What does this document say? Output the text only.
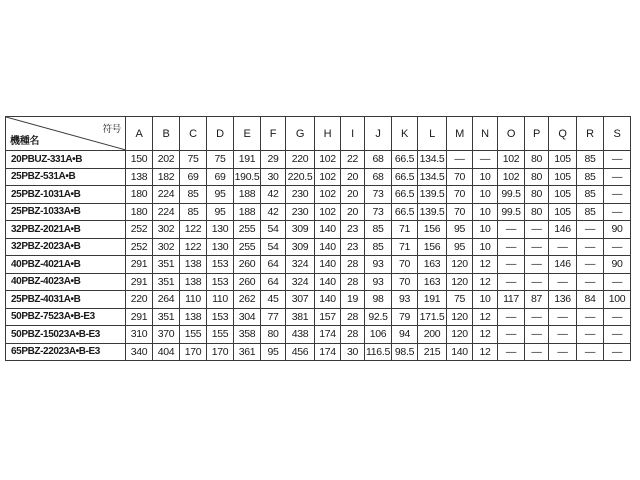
符号
機種名	A	B	C	D	E	F	G	H	I	J	K	L	M	N	O	P	Q	R	S
20PBUZ-331A•B	150	202	75	75	191	29	220	102	22	68	66.5	134.5	—	—	102	80	105	85	—
25PBZ-531A•B	138	182	69	69	190.5	30	220.5	102	20	68	66.5	134.5	70	10	102	80	105	85	—
25PBZ-1031A•B	180	224	85	95	188	42	230	102	20	73	66.5	139.5	70	10	99.5	80	105	85	—
25PBZ-1033A•B	180	224	85	95	188	42	230	102	20	73	66.5	139.5	70	10	99.5	80	105	85	—
32PBZ-2021A•B	252	302	122	130	255	54	309	140	23	85	71	156	95	10	—	—	146	—	90
32PBZ-2023A•B	252	302	122	130	255	54	309	140	23	85	71	156	95	10	—	—	—	—	—
40PBZ-4021A•B	291	351	138	153	260	64	324	140	28	93	70	163	120	12	—	—	146	—	90
40PBZ-4023A•B	291	351	138	153	260	64	324	140	28	93	70	163	120	12	—	—	—	—	—
25PBZ-4031A•B	220	264	110	110	262	45	307	140	19	98	93	191	75	10	117	87	136	84	100
50PBZ-7523A•B-E3	291	351	138	153	304	77	381	157	28	92.5	79	171.5	120	12	—	—	—	—	—
50PBZ-15023A•B-E3	310	370	155	155	358	80	438	174	28	106	94	200	120	12	—	—	—	—	—
65PBZ-22023A•B-E3	340	404	170	170	361	95	456	174	30	116.5	98.5	215	140	12	—	—	—	—	—
